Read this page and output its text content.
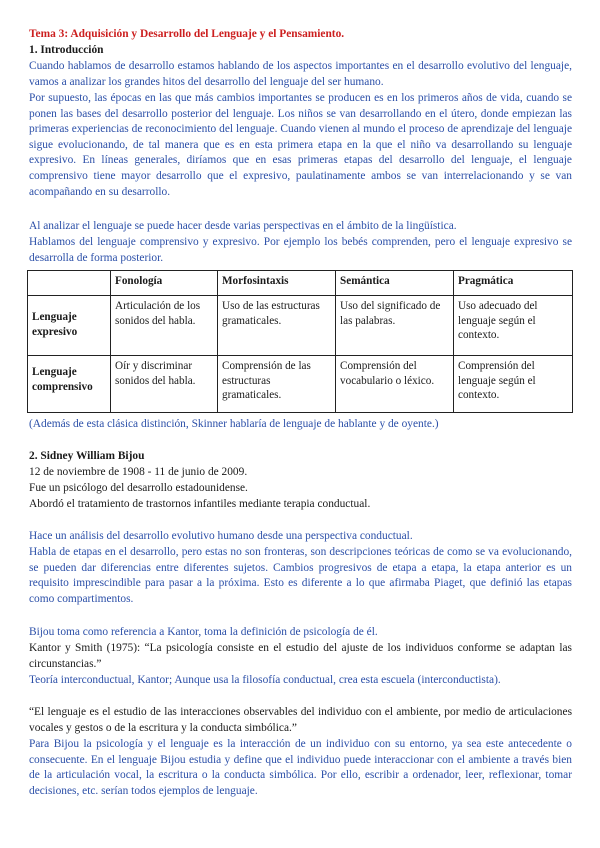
Tema 3: Adquisición y Desarrollo del Lenguaje y el Pensamiento.

1. Introducción

Cuando hablamos de desarrollo estamos hablando de los aspectos importantes en el desarrollo evolutivo del lenguaje, vamos a analizar los grandes hitos del desarrollo del lenguaje del ser humano.

Por supuesto, las épocas en las que más cambios importantes se producen es en los primeros años de vida, cuando se ponen las bases del desarrollo posterior del lenguaje. Los niños se van desarrollando en el útero, donde empiezan las primeras experiencias de reconocimiento del lenguaje. Cuando vienen al mundo el proceso de aprendizaje del lenguaje sigue evolucionando, de tal manera que es en esta primera etapa en la que el niño va desarrollando su lenguaje expresivo. En líneas generales, diríamos que en esas primeras etapas del desarrollo del lenguaje, el lenguaje comprensivo tiene mayor desarrollo que el expresivo, paulatinamente ambos se van interrelacionando y se van acompañando en su desarrollo.

Al analizar el lenguaje se puede hacer desde varias perspectivas en el ámbito de la lingüística.

Hablamos del lenguaje comprensivo y expresivo. Por ejemplo los bebés comprenden, pero el lenguaje expresivo se desarrolla de forma posterior.

	Fonología	Morfosintaxis	Semántica	Pragmática
Lenguaje expresivo	Articulación de los sonidos del habla.	Uso de las estructuras gramaticales.	Uso del significado de las palabras.	Uso adecuado del lenguaje según el contexto.
Lenguaje comprensivo	Oír y discriminar sonidos del habla.	Comprensión de las estructuras gramaticales.	Comprensión del vocabulario o léxico.	Comprensión del lenguaje según el contexto.

(Además de esta clásica distinción, Skinner hablaría de lenguaje de hablante y de oyente.)

2. Sidney William Bijou

12 de noviembre de 1908 - 11 de junio de 2009.

Fue un psicólogo del desarrollo estadounidense.

Abordó el tratamiento de trastornos infantiles mediante terapia conductual.

Hace un análisis del desarrollo evolutivo humano desde una perspectiva conductual.

Habla de etapas en el desarrollo, pero estas no son fronteras, son descripciones teóricas de como se va evolucionando, se pueden dar diferencias entre diferentes sujetos. Cambios progresivos de etapa a etapa, la etapa anterior es un requisito imprescindible para pasar a la próxima. Esto es diferente a lo que afirmaba Piaget, que definió las etapas como compartimentos.

Bijou toma como referencia a Kantor, toma la definición de psicología de él.

Kantor y Smith (1975): “La psicología consiste en el estudio del ajuste de los individuos conforme se adaptan las circunstancias.”

Teoría interconductual, Kantor; Aunque usa la filosofía conductual, crea esta escuela (interconductista).

“El lenguaje es el estudio de las interacciones observables del individuo con el ambiente, por medio de articulaciones vocales y gestos o de la escritura y la conducta simbólica.”

Para Bijou la psicología y el lenguaje es la interacción de un individuo con su entorno, ya sea este antecedente o consecuente. En el lenguaje Bijou estudia y define que el individuo puede interaccionar con el ambiente a través bien de la articulación vocal, la escritura o la conducta simbólica. Por ello, escribir a ordenador, leer, reflexionar, tomar decisiones, etc. serían todos ejemplos de lenguaje.
